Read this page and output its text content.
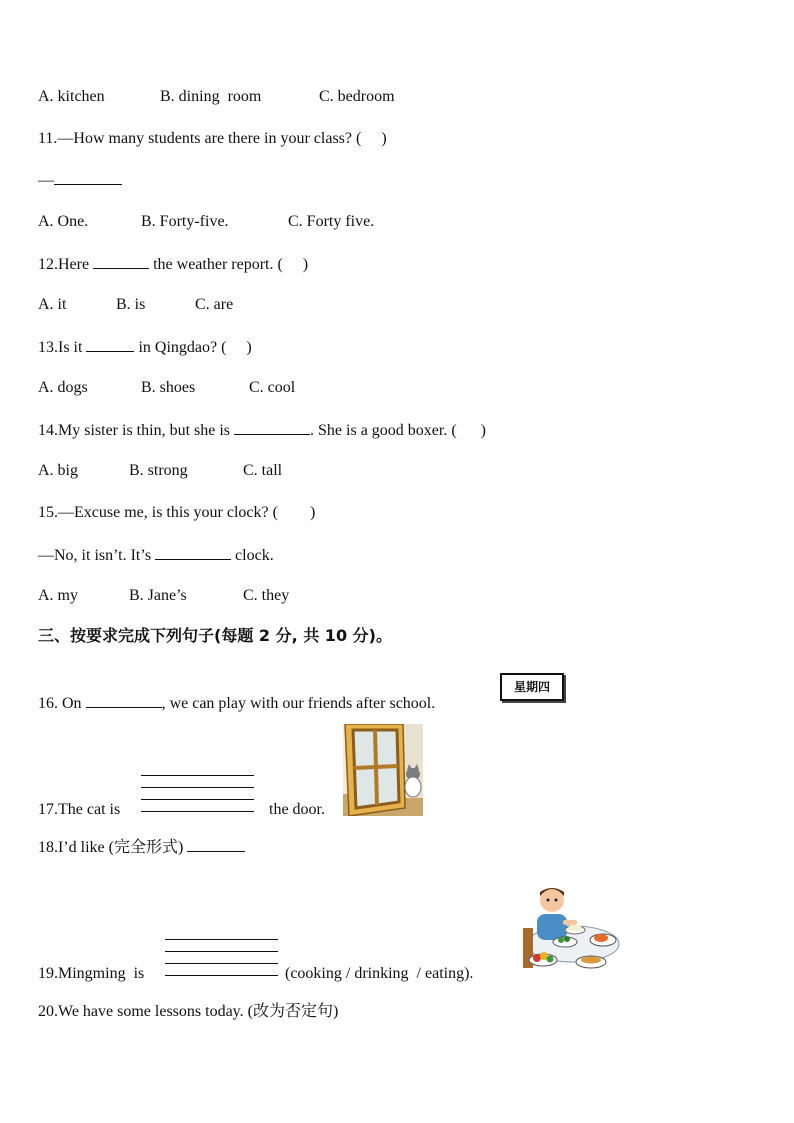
A. kitchen	B. dining  room	C. bedroom
11.—How many students are there in your class? (     )
—
A. One.	B. Forty-five.	C. Forty five.
12.Here	the weather report. (     )
A. it	B. is	C. are
13.Is it	in Qingdao? (     )
A. dogs	B. shoes	C. cool
14.My sister is thin, but she is	. She is a good boxer. (      )
A. big	B. strong	C. tall
15.—Excuse me, is this your clock? (        )
—No, it isn’t. It’s	clock.
A. my	B. Jane’s	C. they
三、按要求完成下列句子(每题 2 分, 共 10 分)。
16. On	, we can play with our friends after school.
星期四
17.The cat is	the door.
18.I’d like (完全形式)
19.Mingming  is	(cooking / drinking  / eating).
20.We have some lessons today. (改为否定句)
